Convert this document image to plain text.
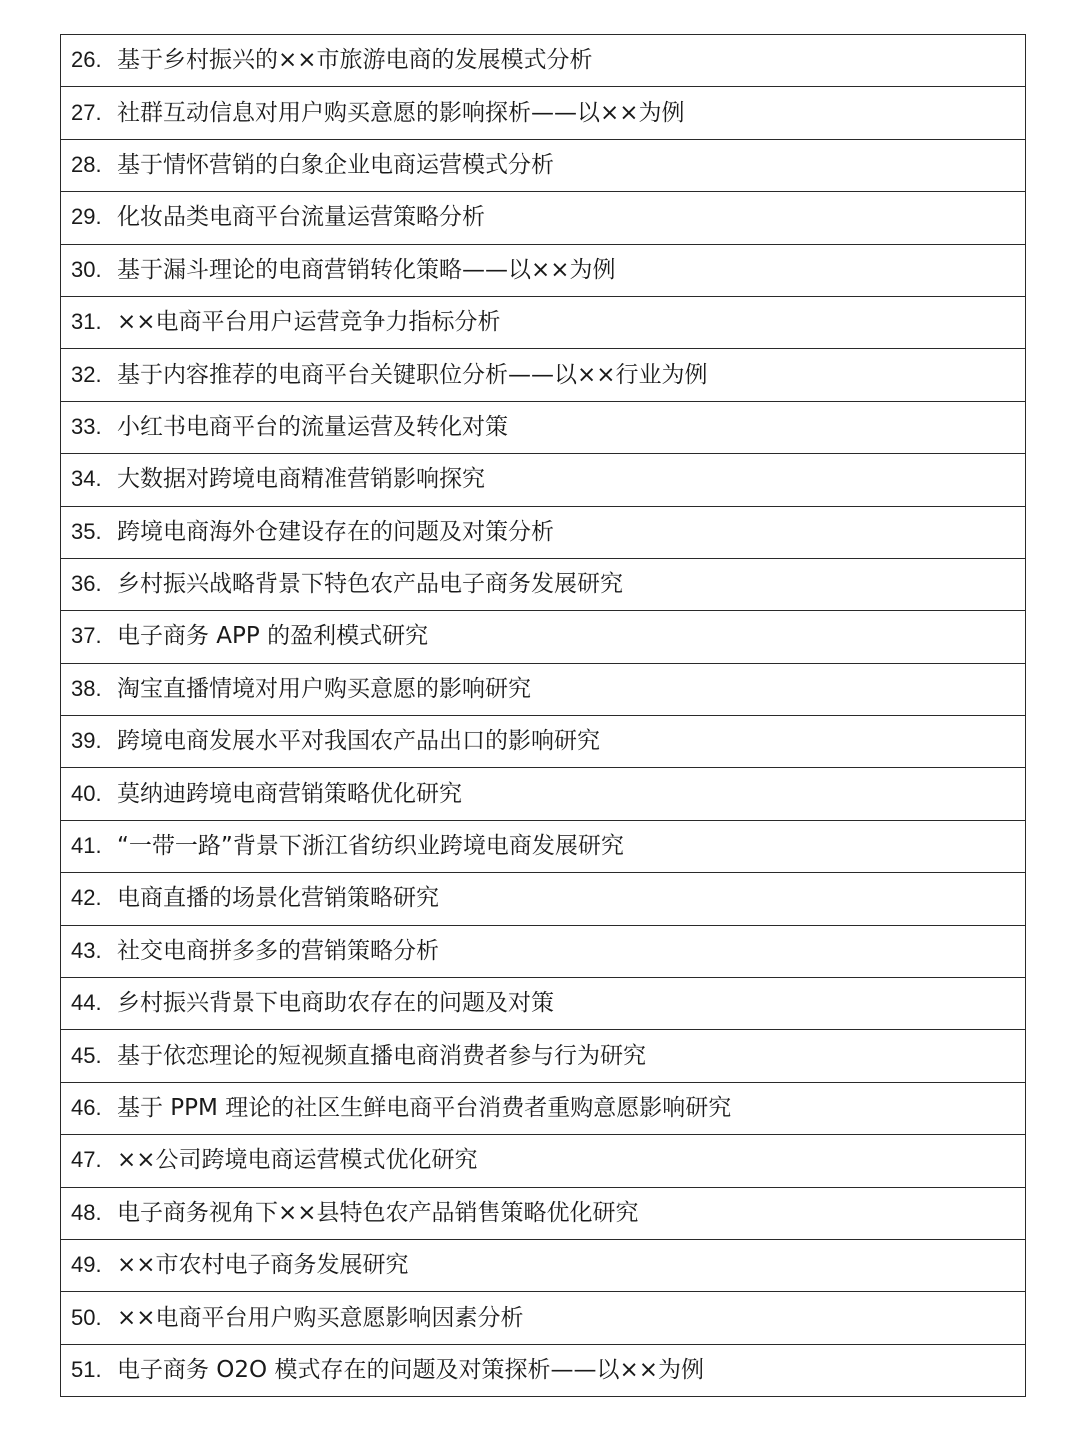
26. 基于乡村振兴的××市旅游电商的发展模式分析
27. 社群互动信息对用户购买意愿的影响探析——以××为例
28. 基于情怀营销的白象企业电商运营模式分析
29. 化妆品类电商平台流量运营策略分析
30. 基于漏斗理论的电商营销转化策略——以××为例
31. ××电商平台用户运营竞争力指标分析
32. 基于内容推荐的电商平台关键职位分析——以××行业为例
33. 小红书电商平台的流量运营及转化对策
34. 大数据对跨境电商精准营销影响探究
35. 跨境电商海外仓建设存在的问题及对策分析
36. 乡村振兴战略背景下特色农产品电子商务发展研究
37. 电子商务 APP 的盈利模式研究
38. 淘宝直播情境对用户购买意愿的影响研究
39. 跨境电商发展水平对我国农产品出口的影响研究
40. 莫纳迪跨境电商营销策略优化研究
41. “一带一路”背景下浙江省纺织业跨境电商发展研究
42. 电商直播的场景化营销策略研究
43. 社交电商拼多多的营销策略分析
44. 乡村振兴背景下电商助农存在的问题及对策
45. 基于依恋理论的短视频直播电商消费者参与行为研究
46. 基于 PPM 理论的社区生鲜电商平台消费者重购意愿影响研究
47. ××公司跨境电商运营模式优化研究
48. 电子商务视角下××县特色农产品销售策略优化研究
49. ××市农村电子商务发展研究
50. ××电商平台用户购买意愿影响因素分析
51. 电子商务 O2O 模式存在的问题及对策探析——以××为例
